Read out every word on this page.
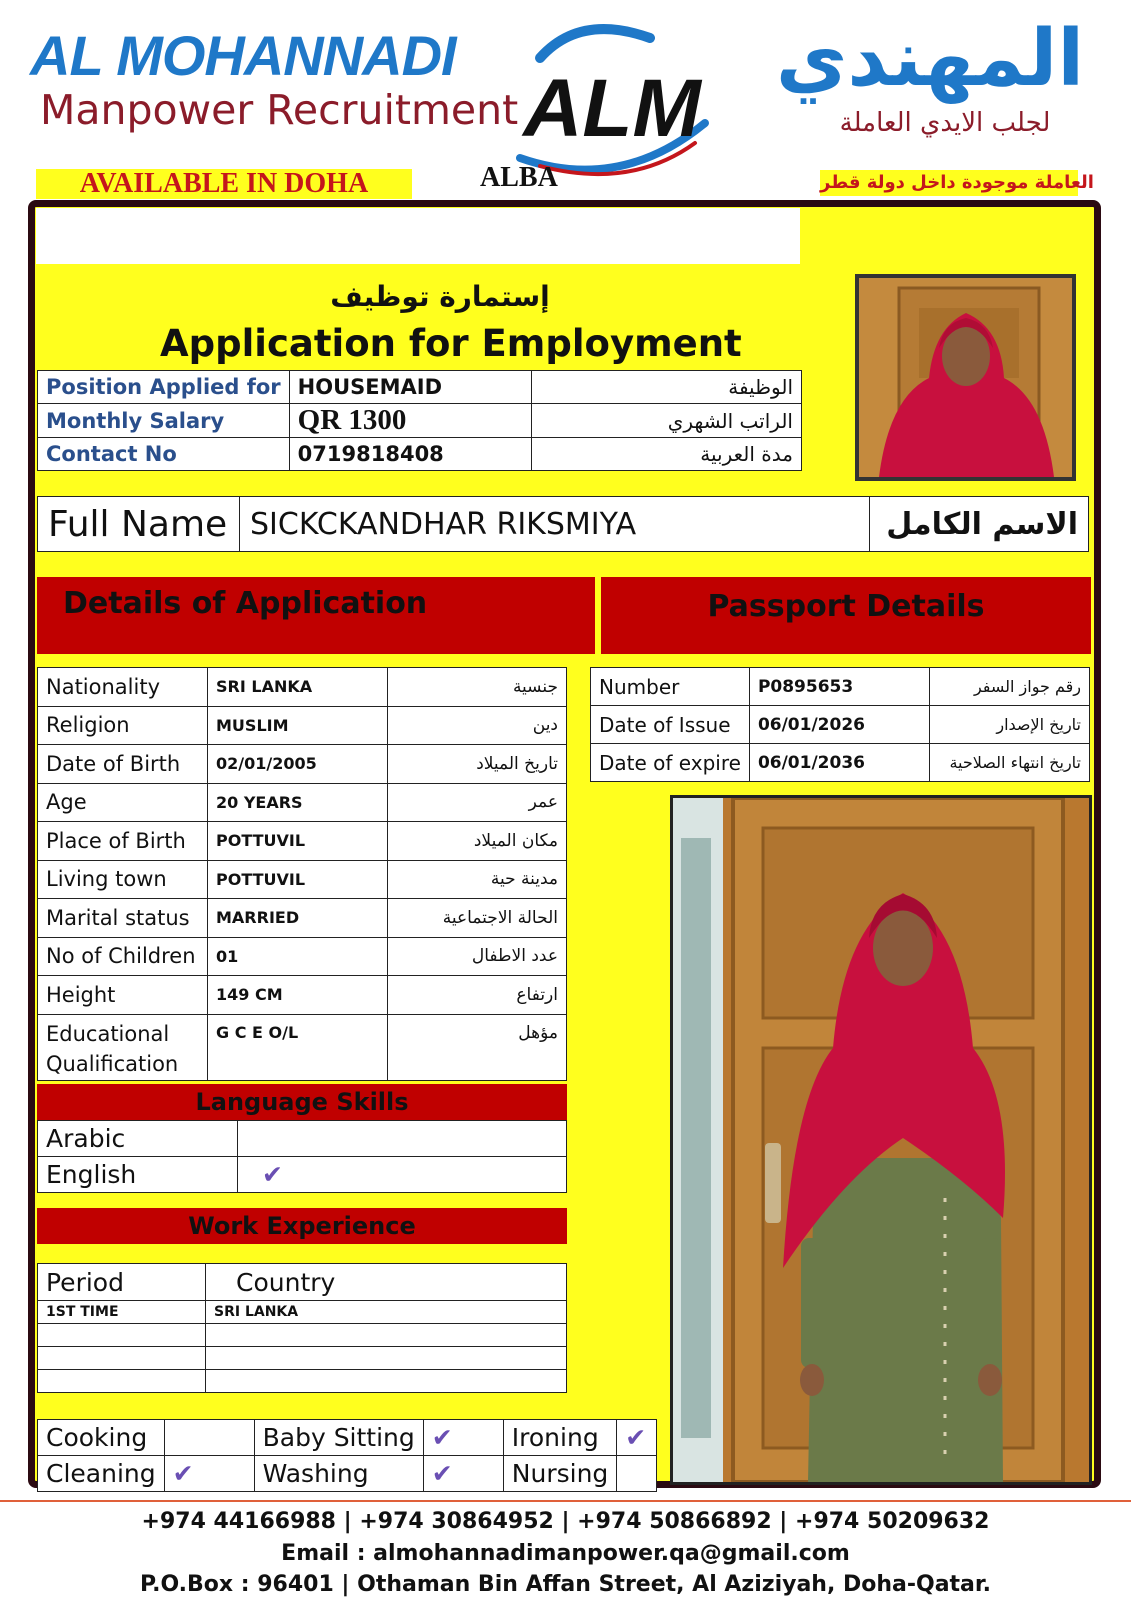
AL MOHANNADI
Manpower Recruitment ALM
المهندي
لجلب الايدي العاملة
AVAILABLE IN DOHA	ALBA	العاملة موجودة داخل دولة قطر
إستمارة توظيف
Application for Employment
Position Applied for	HOUSEMAID	الوظيفة
Monthly Salary	QR 1300	الراتب الشهري
Contact No	0719818408	مدة العربية
Full Name	SICKCKANDHAR RIKSMIYA	الاسم الكامل
Details of Application	Passport Details
Nationality	SRI LANKA	جنسية
Religion	MUSLIM	دين
Date of Birth	02/01/2005	تاريخ الميلاد
Age	20 YEARS	عمر
Place of Birth	POTTUVIL	مكان الميلاد
Living town	POTTUVIL	مدينة حية
Marital status	MARRIED	الحالة الاجتماعية
No of Children	01	عدد الاطفال
Height	149 CM	ارتفاع
Educational Qualification	G C E O/L	مؤهل
Number	P0895653	رقم جواز السفر
Date of Issue	06/01/2026	تاريخ الإصدار
Date of expire	06/01/2036	تاريخ انتهاء الصلاحية
Language Skills
Arabic	
English	✔
Work Experience
Period	Country
1ST TIME	SRI LANKA

Cooking		Baby Sitting	✔	Ironing	✔
Cleaning	✔	Washing	✔	Nursing	
+974 44166988 | +974 30864952 | +974 50866892 | +974 50209632
Email : almohannadimanpower.qa@gmail.com
P.O.Box : 96401 | Othaman Bin Affan Street, Al Aziziyah, Doha-Qatar.
